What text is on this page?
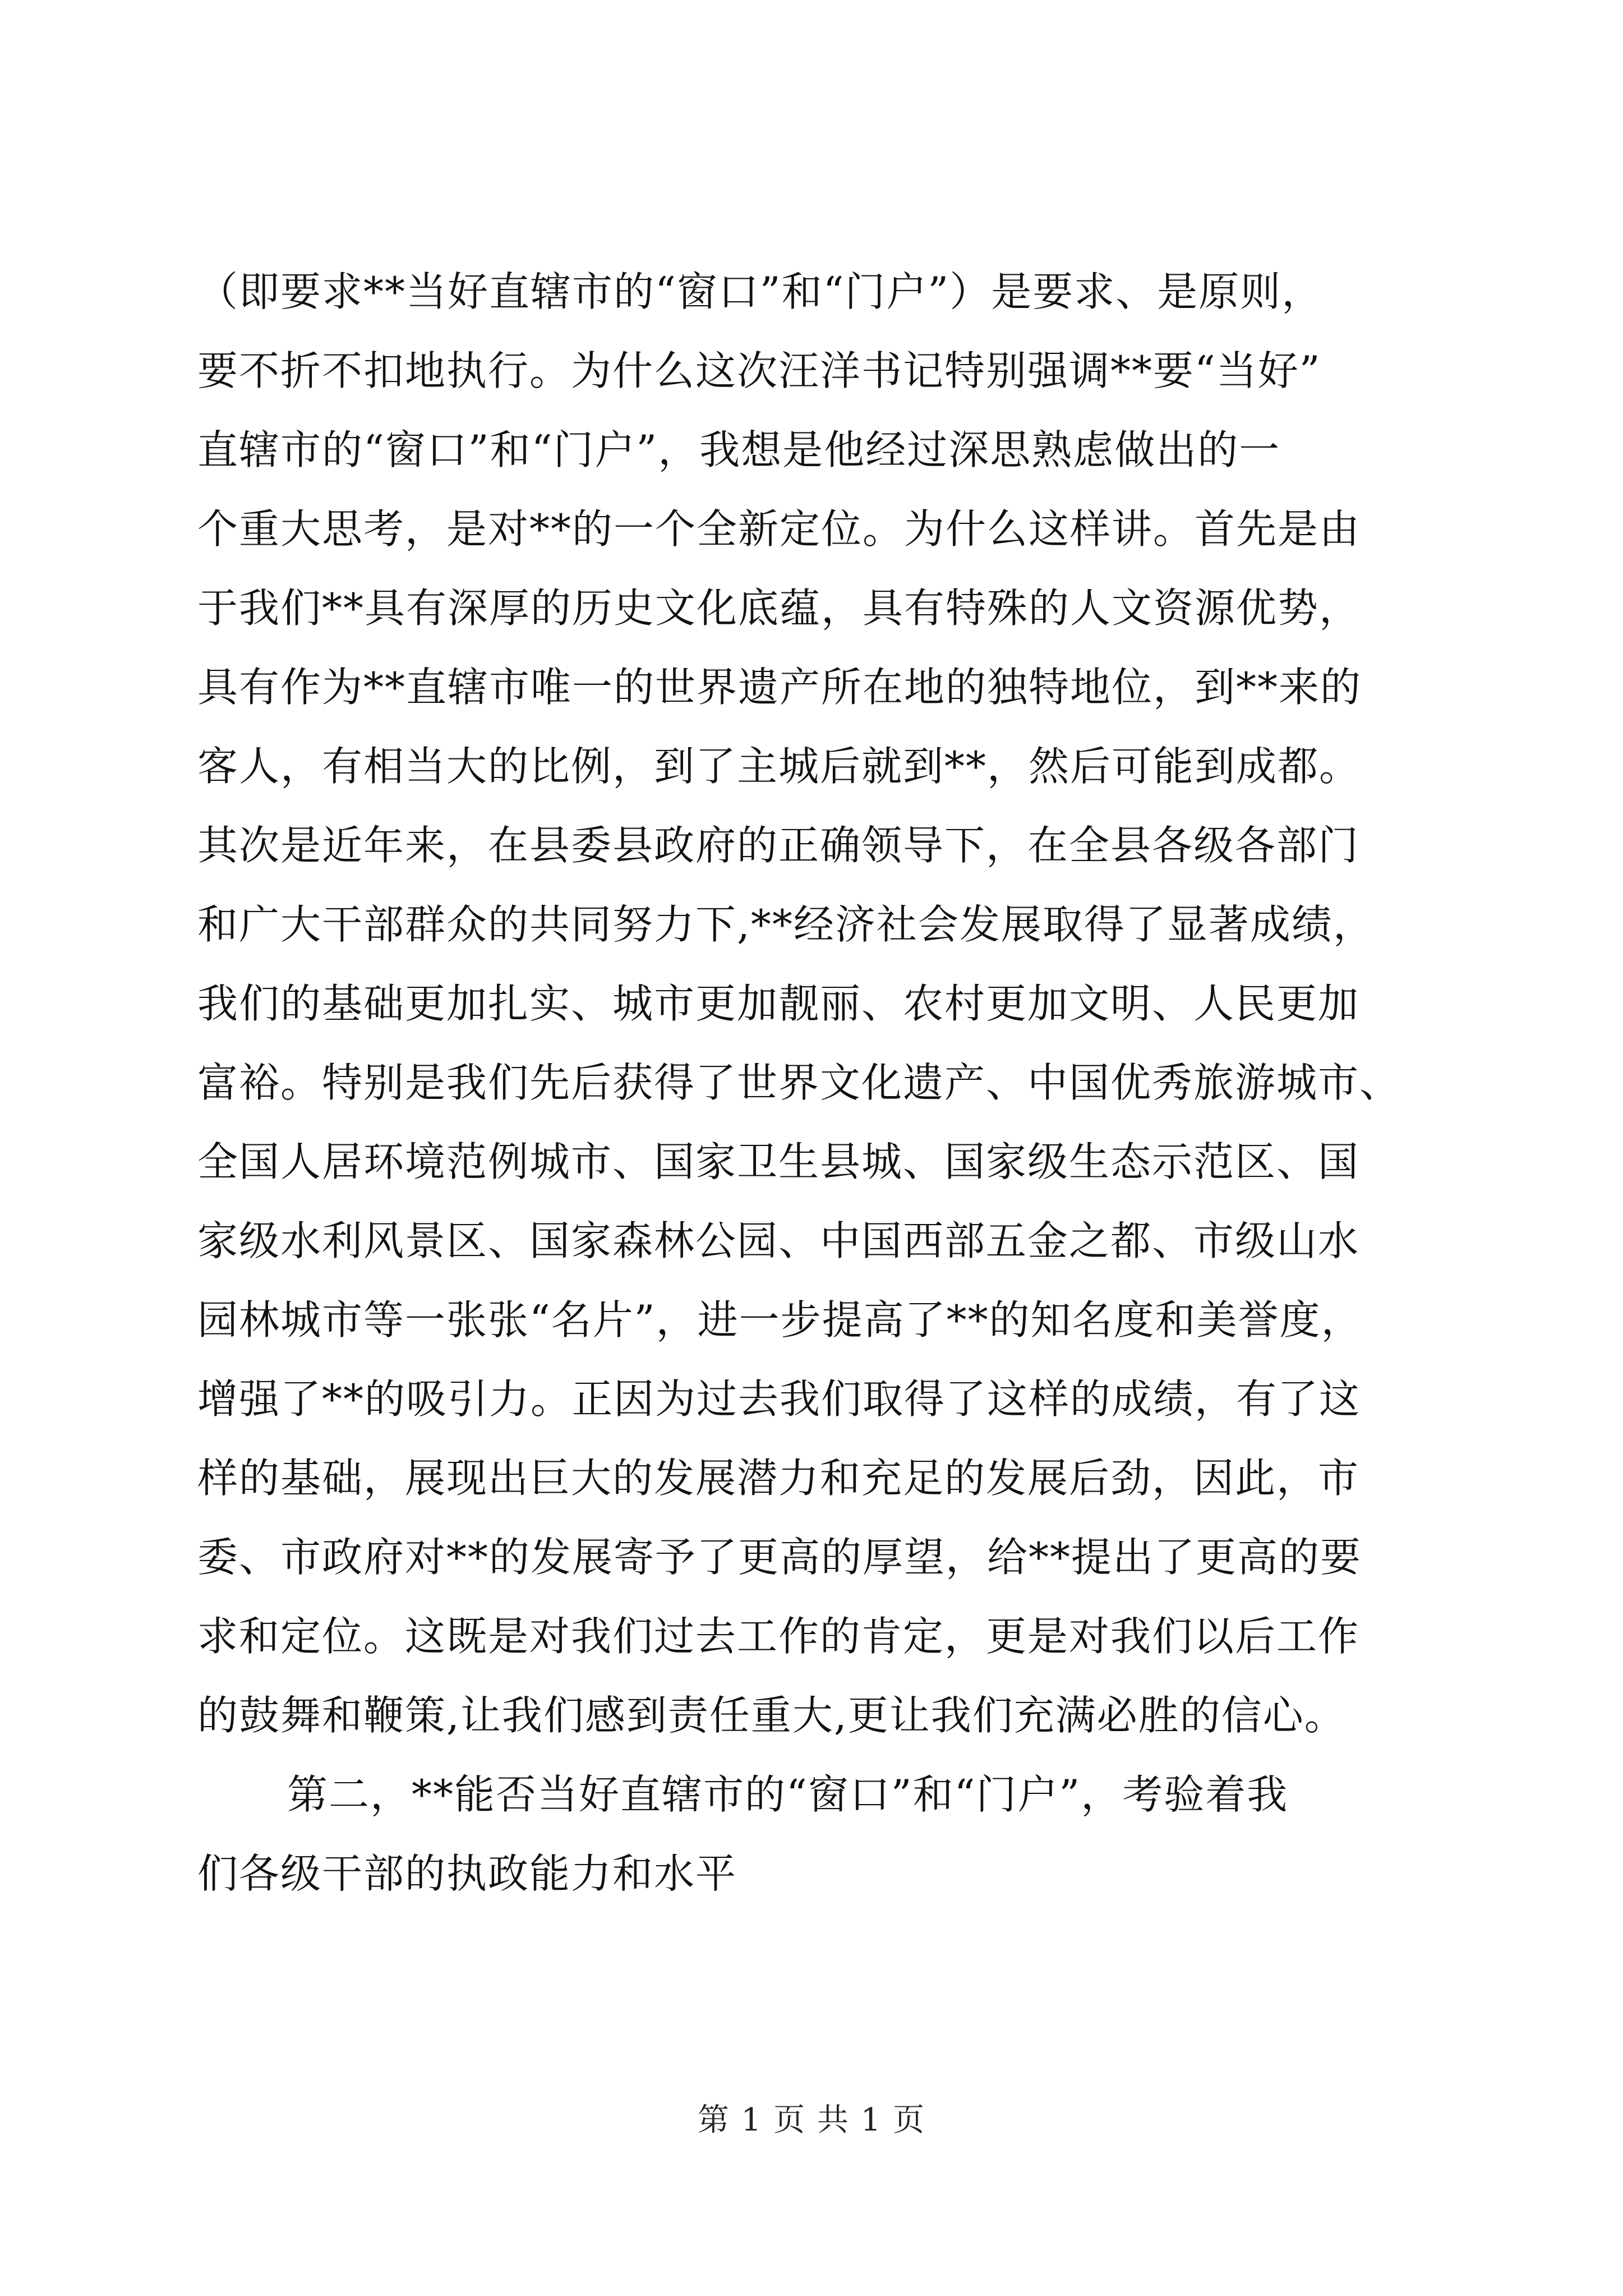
（即要求**当好直辖市的“窗口”和“门户”）是要求、是原则，
要不折不扣地执行。为什么这次汪洋书记特别强调**要“当好”
直辖市的“窗口”和“门户”，我想是他经过深思熟虑做出的一
个重大思考，是对**的一个全新定位。为什么这样讲。首先是由
于我们**具有深厚的历史文化底蕴，具有特殊的人文资源优势，
具有作为**直辖市唯一的世界遗产所在地的独特地位，到**来的
客人，有相当大的比例，到了主城后就到**，然后可能到成都。
其次是近年来，在县委县政府的正确领导下，在全县各级各部门
和广大干部群众的共同努力下,**经济社会发展取得了显著成绩，
我们的基础更加扎实、城市更加靓丽、农村更加文明、人民更加
富裕。特别是我们先后获得了世界文化遗产、中国优秀旅游城市、
全国人居环境范例城市、国家卫生县城、国家级生态示范区、国
家级水利风景区、国家森林公园、中国西部五金之都、市级山水
园林城市等一张张“名片”，进一步提高了**的知名度和美誉度，
增强了**的吸引力。正因为过去我们取得了这样的成绩，有了这
样的基础，展现出巨大的发展潜力和充足的发展后劲，因此，市
委、市政府对**的发展寄予了更高的厚望，给**提出了更高的要
求和定位。这既是对我们过去工作的肯定，更是对我们以后工作
的鼓舞和鞭策,让我们感到责任重大,更让我们充满必胜的信心。
第二，**能否当好直辖市的“窗口”和“门户”，考验着我
们各级干部的执政能力和水平
第 1 页 共 1 页
